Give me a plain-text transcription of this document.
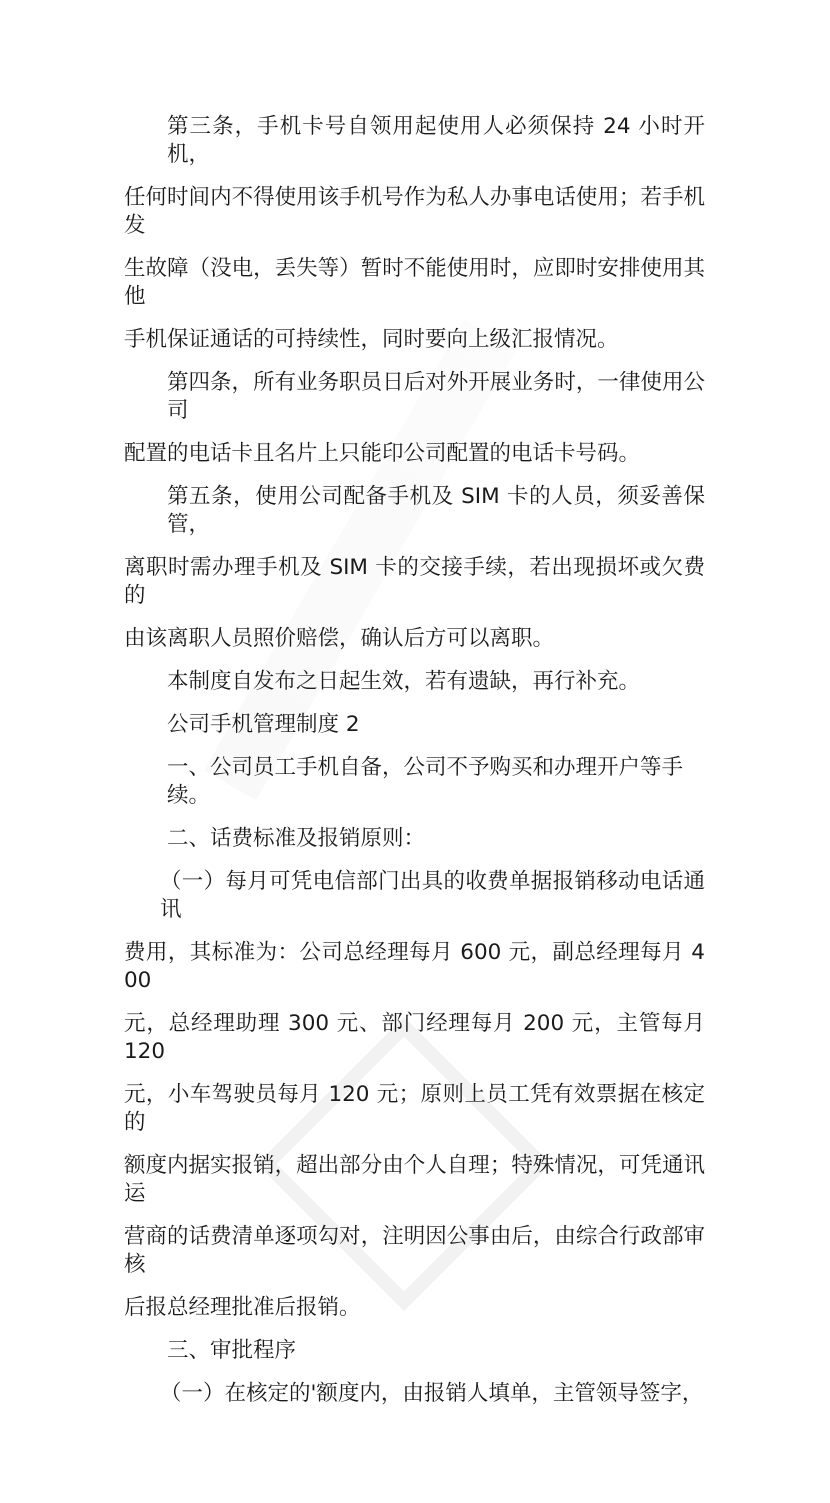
第三条，手机卡号自领用起使用人必须保持 24 小时开机，
任何时间内不得使用该手机号作为私人办事电话使用；若手机发
生故障（没电，丢失等）暂时不能使用时，应即时安排使用其他
手机保证通话的可持续性，同时要向上级汇报情况。
第四条，所有业务职员日后对外开展业务时，一律使用公司
配置的电话卡且名片上只能印公司配置的电话卡号码。
第五条，使用公司配备手机及 SIM 卡的人员，须妥善保管，
离职时需办理手机及 SIM 卡的交接手续，若出现损坏或欠费的
由该离职人员照价赔偿，确认后方可以离职。
本制度自发布之日起生效，若有遗缺，再行补充。
公司手机管理制度 2
一、公司员工手机自备，公司不予购买和办理开户等手续。
二、话费标准及报销原则：
（一）每月可凭电信部门出具的收费单据报销移动电话通讯
费用，其标准为：公司总经理每月 600 元，副总经理每月 400
元，总经理助理 300 元、部门经理每月 200 元，主管每月 120
元，小车驾驶员每月 120 元；原则上员工凭有效票据在核定的
额度内据实报销，超出部分由个人自理；特殊情况，可凭通讯运
营商的话费清单逐项勾对，注明因公事由后，由综合行政部审核
后报总经理批准后报销。
三、审批程序
（一）在核定的'额度内，由报销人填单，主管领导签字，
